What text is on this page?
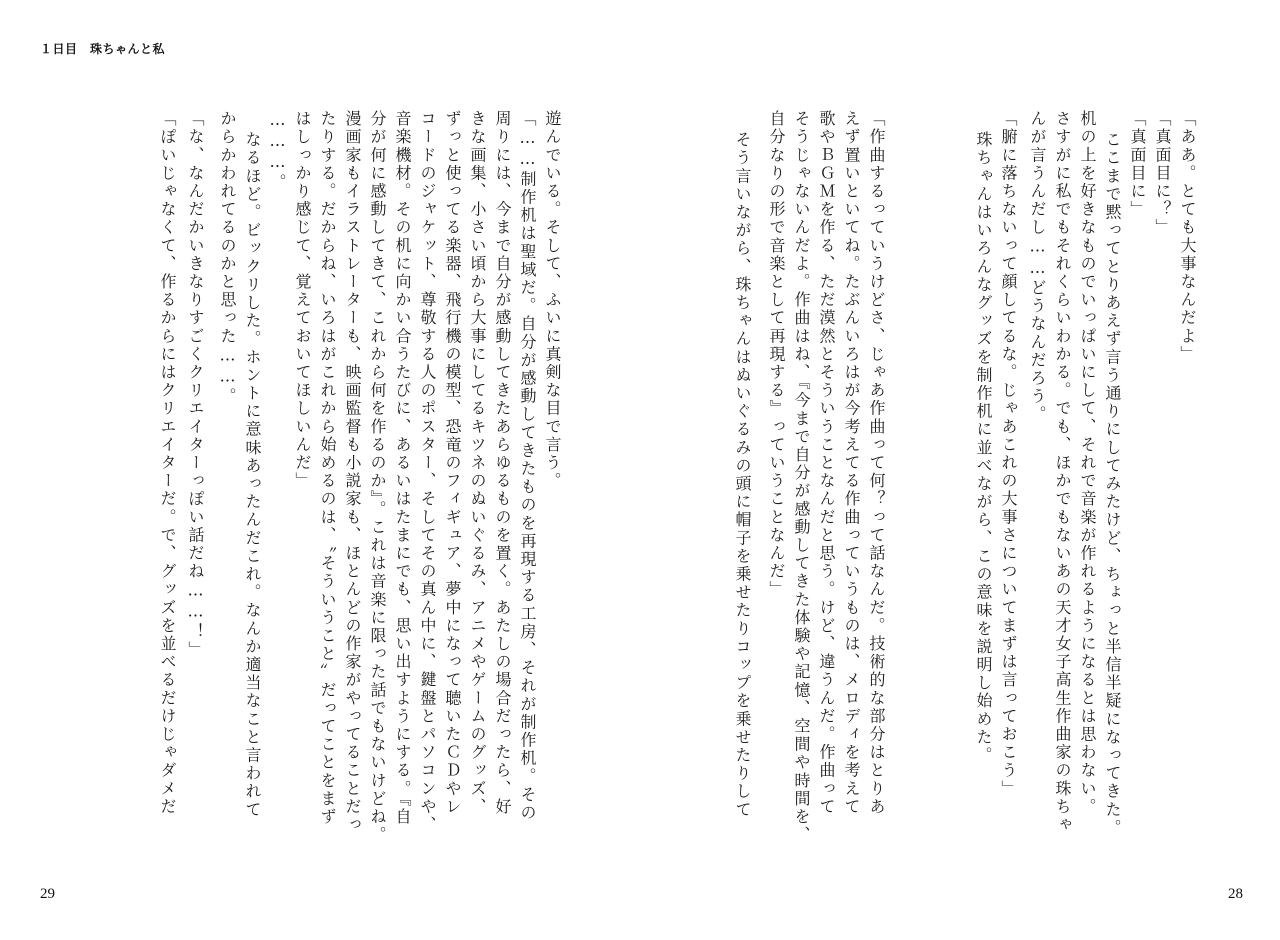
１日目　珠ちゃんと私
「ああ。とても大事なんだよ」
「真面目に？」
「真面目に」
ここまで黙ってとりあえず言う通りにしてみたけど、ちょっと半信半疑になってきた。
机の上を好きなものでいっぱいにして、それで音楽が作れるようになるとは思わない。
さすがに私でもそれくらいわかる。でも、ほかでもないあの天才女子高生作曲家の珠ちゃ
んが言うんだし……どうなんだろう。
「腑に落ちないって顔してるな。じゃあこれの大事さについてまずは言っておこう」
珠ちゃんはいろんなグッズを制作机に並べながら、この意味を説明し始めた。
「作曲するっていうけどさ、じゃあ作曲って何？って話なんだ。技術的な部分はとりあ
えず置いといてね。たぶんいろはが今考えてる作曲っていうものは、メロディを考えて
歌やＢＧＭを作る、ただ漠然とそういうことなんだと思う。けど、違うんだ。作曲って
そうじゃないんだよ。作曲はね、『今まで自分が感動してきた体験や記憶、空間や時間を、
自分なりの形で音楽として再現する』っていうことなんだ」
そう言いながら、珠ちゃんはぬいぐるみの頭に帽子を乗せたりコップを乗せたりして
遊んでいる。そして、ふいに真剣な目で言う。
「……制作机は聖域だ。自分が感動してきたものを再現する工房、それが制作机。その
周りには、今まで自分が感動してきたあらゆるものを置く。あたしの場合だったら、好
きな画集、小さい頃から大事にしてるキツネのぬいぐるみ、アニメやゲームのグッズ、
ずっと使ってる楽器、飛行機の模型、恐竜のフィギュア、夢中になって聴いたＣＤやレ
コードのジャケット、尊敬する人のポスター、そしてその真ん中に、鍵盤とパソコンや、
音楽機材。その机に向かい合うたびに、あるいはたまにでも、思い出すようにする。『自
分が何に感動してきて、これから何を作るのか』。これは音楽に限った話でもないけどね。
漫画家もイラストレーターも、映画監督も小説家も、ほとんどの作家がやってることだっ
たりする。だからね、いろはがこれから始めるのは、〝そういうこと〟だってことをまず
はしっかり感じて、覚えておいてほしいんだ」
………。
なるほど。ビックリした。ホントに意味あったんだこれ。なんか適当なこと言われて
からかわれてるのかと思った……。
「な、なんだかいきなりすごくクリエイターっぽい話だね……！」
「ぽいじゃなくて、作るからにはクリエイターだ。で、グッズを並べるだけじゃダメだ
29	28
